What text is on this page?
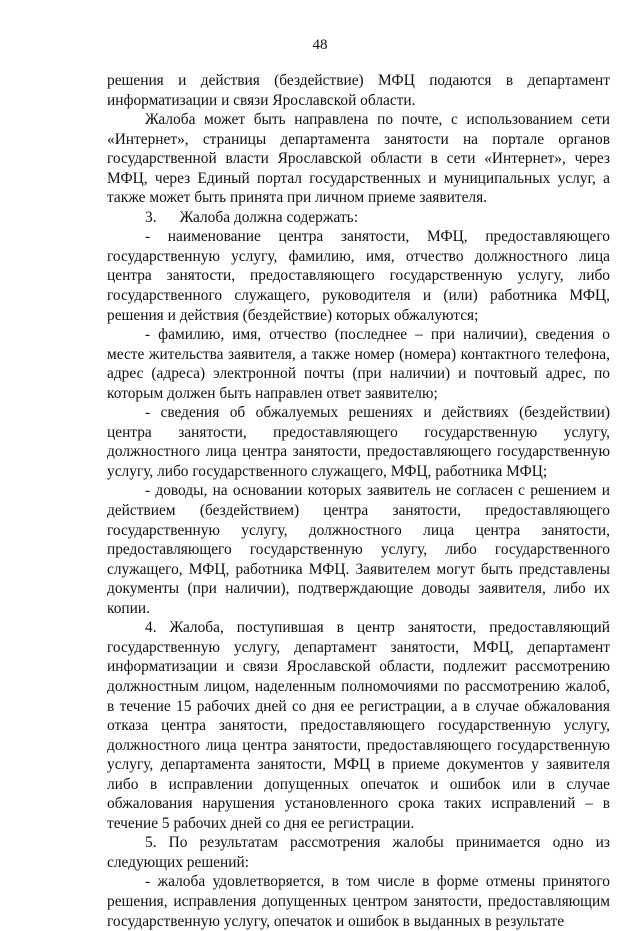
48

решения и действия (бездействие) МФЦ подаются в департамент информатизации и связи Ярославской области.

Жалоба может быть направлена по почте, с использованием сети «Интернет», страницы департамента занятости на портале органов государственной власти Ярославской области в сети «Интернет», через МФЦ, через Единый портал государственных и муниципальных услуг, а также может быть принята при личном приеме заявителя.

3.      Жалоба должна содержать:

- наименование центра занятости, МФЦ, предоставляющего государственную услугу, фамилию, имя, отчество должностного лица центра занятости, предоставляющего государственную услугу, либо государственного служащего, руководителя и (или) работника МФЦ, решения и действия (бездействие) которых обжалуются;

- фамилию, имя, отчество (последнее – при наличии), сведения о месте жительства заявителя, а также номер (номера) контактного телефона, адрес (адреса) электронной почты (при наличии) и почтовый адрес, по которым должен быть направлен ответ заявителю;

- сведения об обжалуемых решениях и действиях (бездействии) центра занятости, предоставляющего государственную услугу, должностного лица центра занятости, предоставляющего государственную услугу, либо государственного служащего, МФЦ, работника МФЦ;

- доводы, на основании которых заявитель не согласен с решением и действием (бездействием) центра занятости, предоставляющего государственную услугу, должностного лица центра занятости, предоставляющего государственную услугу, либо государственного служащего, МФЦ, работника МФЦ. Заявителем могут быть представлены документы (при наличии), подтверждающие доводы заявителя, либо их копии.

4. Жалоба, поступившая в центр занятости, предоставляющий государственную услугу, департамент занятости, МФЦ, департамент информатизации и связи Ярославской области, подлежит рассмотрению должностным лицом, наделенным полномочиями по рассмотрению жалоб, в течение 15 рабочих дней со дня ее регистрации, а в случае обжалования отказа центра занятости, предоставляющего государственную услугу, должностного лица центра занятости, предоставляющего государственную услугу, департамента занятости, МФЦ в приеме документов у заявителя либо в исправлении допущенных опечаток и ошибок или в случае обжалования нарушения установленного срока таких исправлений – в течение 5 рабочих дней со дня ее регистрации.

5. По результатам рассмотрения жалобы принимается одно из следующих решений:

- жалоба удовлетворяется, в том числе в форме отмены принятого решения, исправления допущенных центром занятости, предоставляющим государственную услугу, опечаток и ошибок в выданных в результате
